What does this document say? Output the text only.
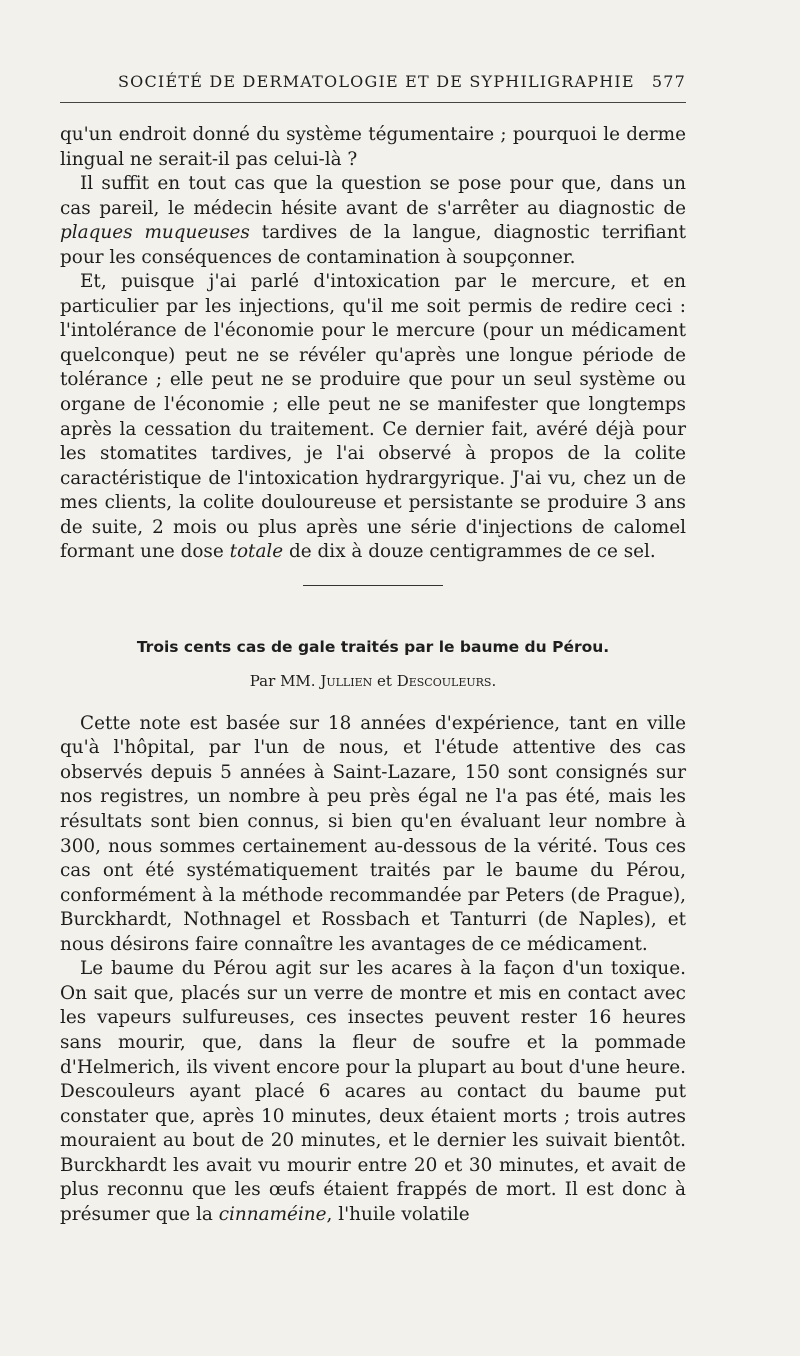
SOCIÉTÉ DE DERMATOLOGIE ET DE SYPHILIGRAPHIE 577

qu'un endroit donné du système tégumentaire ; pourquoi le derme lingual ne serait-il pas celui-là ?

Il suffit en tout cas que la question se pose pour que, dans un cas pareil, le médecin hésite avant de s'arrêter au diagnostic de plaques muqueuses tardives de la langue, diagnostic terrifiant pour les conséquences de contamination à soupçonner.

Et, puisque j'ai parlé d'intoxication par le mercure, et en particulier par les injections, qu'il me soit permis de redire ceci : l'intolérance de l'économie pour le mercure (pour un médicament quelconque) peut ne se révéler qu'après une longue période de tolérance ; elle peut ne se produire que pour un seul système ou organe de l'économie ; elle peut ne se manifester que longtemps après la cessation du traitement. Ce dernier fait, avéré déjà pour les stomatites tardives, je l'ai observé à propos de la colite caractéristique de l'intoxication hydrargyrique. J'ai vu, chez un de mes clients, la colite douloureuse et persistante se produire 3 ans de suite, 2 mois ou plus après une série d'injections de calomel formant une dose totale de dix à douze centigrammes de ce sel.

Trois cents cas de gale traités par le baume du Pérou.
Par MM. Jullien et Descouleurs.

Cette note est basée sur 18 années d'expérience, tant en ville qu'à l'hôpital, par l'un de nous, et l'étude attentive des cas observés depuis 5 années à Saint-Lazare, 150 sont consignés sur nos registres, un nombre à peu près égal ne l'a pas été, mais les résultats sont bien connus, si bien qu'en évaluant leur nombre à 300, nous sommes certainement au-dessous de la vérité. Tous ces cas ont été systématiquement traités par le baume du Pérou, conformément à la méthode recommandée par Peters (de Prague), Burckhardt, Nothnagel et Rossbach et Tanturri (de Naples), et nous désirons faire connaître les avantages de ce médicament.

Le baume du Pérou agit sur les acares à la façon d'un toxique. On sait que, placés sur un verre de montre et mis en contact avec les vapeurs sulfureuses, ces insectes peuvent rester 16 heures sans mourir, que, dans la fleur de soufre et la pommade d'Helmerich, ils vivent encore pour la plupart au bout d'une heure. Descouleurs ayant placé 6 acares au contact du baume put constater que, après 10 minutes, deux étaient morts ; trois autres mouraient au bout de 20 minutes, et le dernier les suivait bientôt. Burckhardt les avait vu mourir entre 20 et 30 minutes, et avait de plus reconnu que les œufs étaient frappés de mort. Il est donc à présumer que la cinnaméine, l'huile volatile
